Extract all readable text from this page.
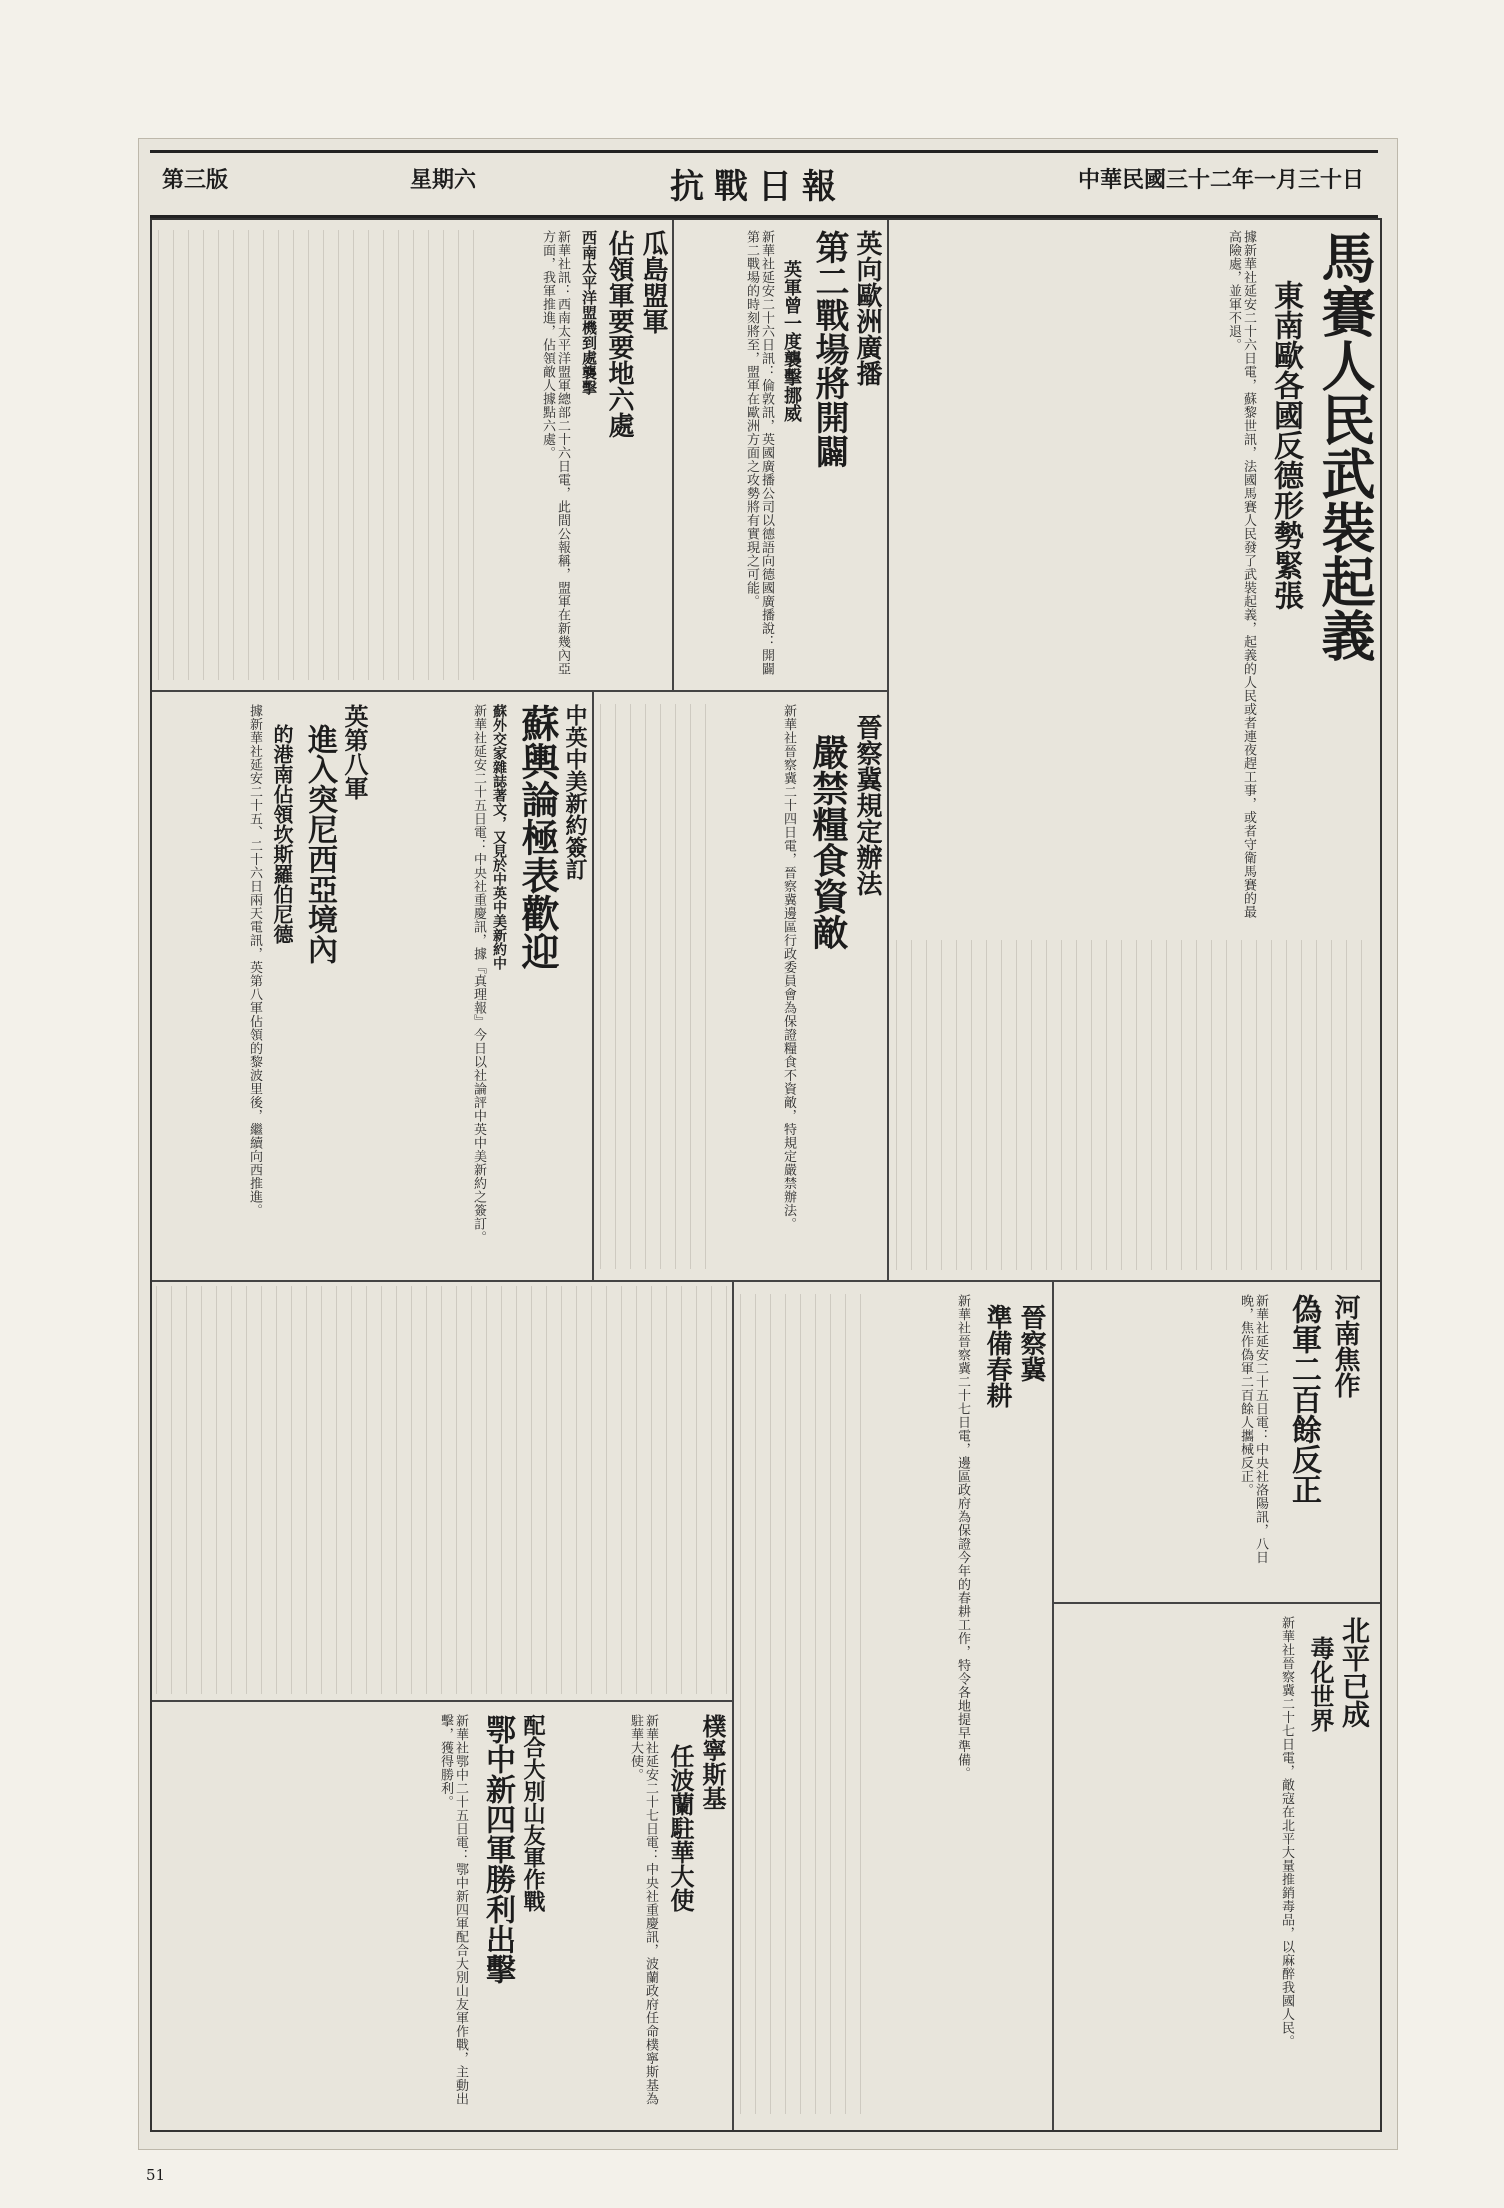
中華民國三十二年一月三十日
抗戰日報
星期六
第三版
馬賽人民武裝起義
東南歐各國反德形勢緊張
據新華社延安二十六日電，蘇黎世訊，法國馬賽人民發了武裝起義，起義的人民或者連夜趕工事，或者守衛馬賽的最高險處，並軍不退。
英向歐洲廣播
第二戰場將開闢
英軍曾一度襲擊挪威
新華社延安二十六日訊：倫敦訊，英國廣播公司以德語向德國廣播說：開闢第二戰場的時刻將至，盟軍在歐洲方面之攻勢將有實現之可能。
瓜島盟軍
佔領軍要要地六處
西南太平洋盟機到處襲擊
新華社訊：西南太平洋盟軍總部二十六日電，此間公報稱，盟軍在新幾內亞方面，我軍推進，佔領敵人據點六處。
晉察冀規定辦法
嚴禁糧食資敵
新華社晉察冀二十四日電，晉察冀邊區行政委員會為保證糧食不資敵，特規定嚴禁辦法。
中英中美新約簽訂
蘇輿論極表歡迎
蘇外交家雜誌著文，又見於中英中美新約中
新華社延安二十五日電：中央社重慶訊，據『真理報』今日以社論評中英中美新約之簽訂。
英第八軍
進入突尼西亞境內
的港南佔領坎斯羅伯尼德
據新華社延安二十五、二十六日兩天電訊，英第八軍佔領的黎波里後，繼續向西推進。
河南焦作
偽軍二百餘反正
新華社延安二十五日電：中央社洛陽訊，八日晚，焦作偽軍二百餘人攜械反正。
北平已成
毒化世界
新華社晉察冀二十七日電，敵寇在北平大量推銷毒品，以麻醉我國人民。
晉察冀
準備春耕
新華社晉察冀二十七日電，邊區政府為保證今年的春耕工作，特令各地提早準備。
樸寧斯基
任波蘭駐華大使
新華社延安二十七日電：中央社重慶訊，波蘭政府任命樸寧斯基為駐華大使。
配合大別山友軍作戰
鄂中新四軍勝利出擊
新華社鄂中二十五日電：鄂中新四軍配合大別山友軍作戰，主動出擊，獲得勝利。
51
